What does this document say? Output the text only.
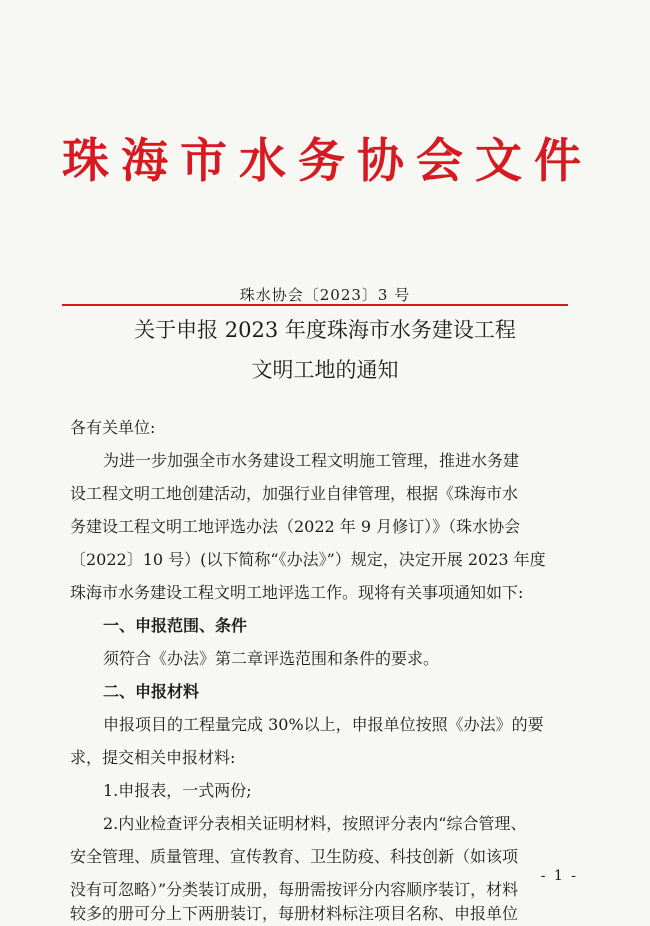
珠海市水务协会文件
珠水协会〔2023〕3 号
关于申报 2023 年度珠海市水务建设工程
文明工地的通知
各有关单位:
为进一步加强全市水务建设工程文明施工管理，推进水务建
设工程文明工地创建活动，加强行业自律管理，根据《珠海市水
务建设工程文明工地评选办法（2022 年 9 月修订）》（珠水协会
〔2022〕10 号）(以下简称“《办法》”）规定，决定开展 2023 年度
珠海市水务建设工程文明工地评选工作。现将有关事项通知如下:
一、申报范围、条件
须符合《办法》第二章评选范围和条件的要求。
二、申报材料
申报项目的工程量完成 30%以上，申报单位按照《办法》的要
求，提交相关申报材料:
1.申报表，一式两份;
2.内业检查评分表相关证明材料，按照评分表内“综合管理、
安全管理、质量管理、宣传教育、卫生防疫、科技创新（如该项
没有可忽略）”分类装订成册，每册需按评分内容顺序装订，材料
较多的册可分上下两册装订，每册材料标注项目名称、申报单位
- 1 -
